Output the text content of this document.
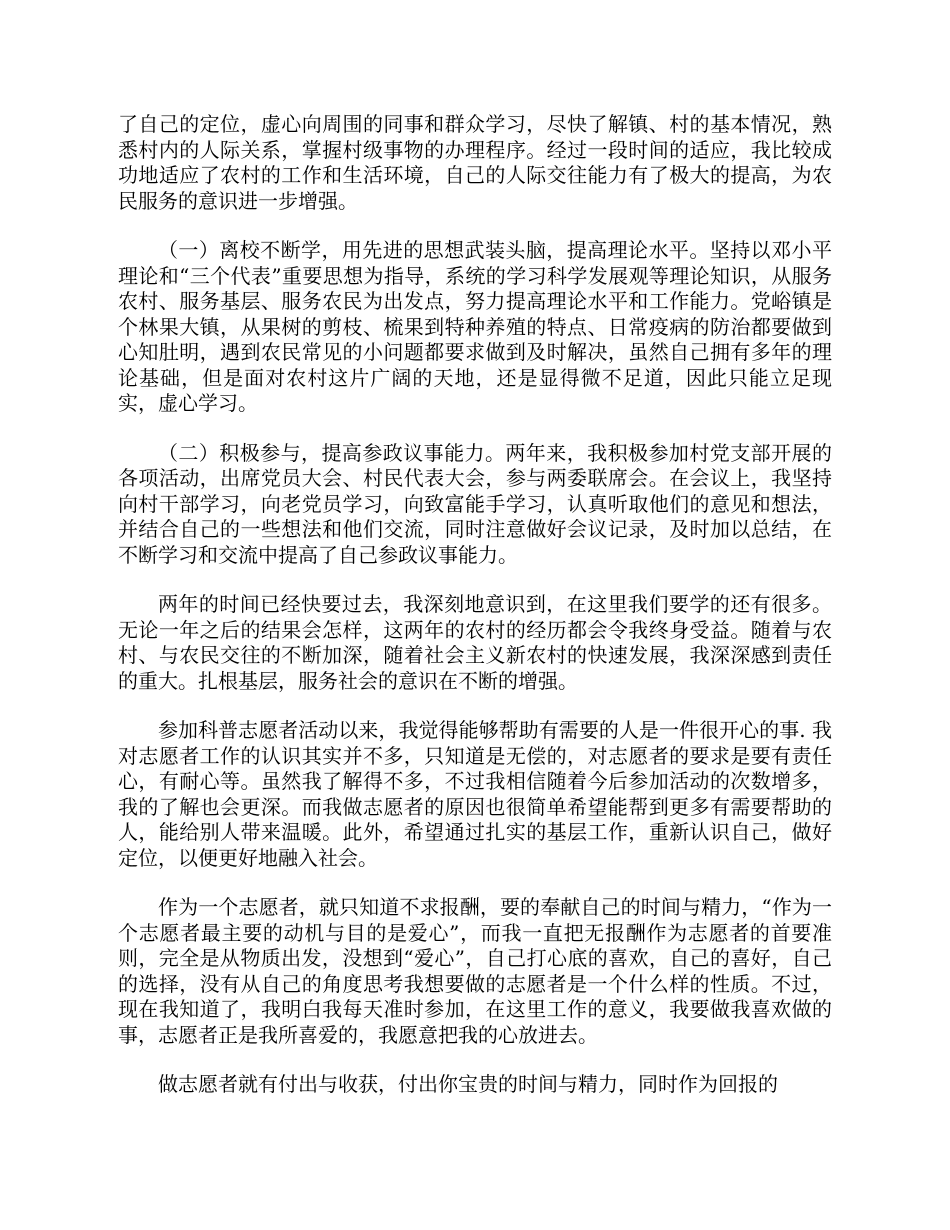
了自己的定位，虚心向周围的同事和群众学习，尽快了解镇、村的基本情况，熟悉村内的人际关系，掌握村级事物的办理程序。经过一段时间的适应，我比较成功地适应了农村的工作和生活环境，自己的人际交往能力有了极大的提高，为农民服务的意识进一步增强。

（一）离校不断学，用先进的思想武装头脑，提高理论水平。坚持以邓小平理论和“三个代表”重要思想为指导，系统的学习科学发展观等理论知识，从服务农村、服务基层、服务农民为出发点，努力提高理论水平和工作能力。党峪镇是个林果大镇，从果树的剪枝、梳果到特种养殖的特点、日常疫病的防治都要做到心知肚明，遇到农民常见的小问题都要求做到及时解决，虽然自己拥有多年的理论基础，但是面对农村这片广阔的天地，还是显得微不足道，因此只能立足现实，虚心学习。

（二）积极参与，提高参政议事能力。两年来，我积极参加村党支部开展的各项活动，出席党员大会、村民代表大会，参与两委联席会。在会议上，我坚持向村干部学习，向老党员学习，向致富能手学习，认真听取他们的意见和想法，并结合自己的一些想法和他们交流，同时注意做好会议记录，及时加以总结，在不断学习和交流中提高了自己参政议事能力。

两年的时间已经快要过去，我深刻地意识到，在这里我们要学的还有很多。无论一年之后的结果会怎样，这两年的农村的经历都会令我终身受益。随着与农村、与农民交往的不断加深，随着社会主义新农村的快速发展，我深深感到责任的重大。扎根基层，服务社会的意识在不断的增强。

参加科普志愿者活动以来，我觉得能够帮助有需要的人是一件很开心的事. 我对志愿者工作的认识其实并不多，只知道是无偿的，对志愿者的要求是要有责任心，有耐心等。虽然我了解得不多，不过我相信随着今后参加活动的次数增多，我的了解也会更深。而我做志愿者的原因也很简单希望能帮到更多有需要帮助的人，能给别人带来温暖。此外，希望通过扎实的基层工作，重新认识自己，做好定位，以便更好地融入社会。

作为一个志愿者，就只知道不求报酬，要的奉献自己的时间与精力，“作为一个志愿者最主要的动机与目的是爱心”，而我一直把无报酬作为志愿者的首要准则，完全是从物质出发，没想到“爱心”，自己打心底的喜欢，自己的喜好，自己的选择，没有从自己的角度思考我想要做的志愿者是一个什么样的性质。不过，现在我知道了，我明白我每天准时参加，在这里工作的意义，我要做我喜欢做的事，志愿者正是我所喜爱的，我愿意把我的心放进去。

做志愿者就有付出与收获，付出你宝贵的时间与精力，同时作为回报的
